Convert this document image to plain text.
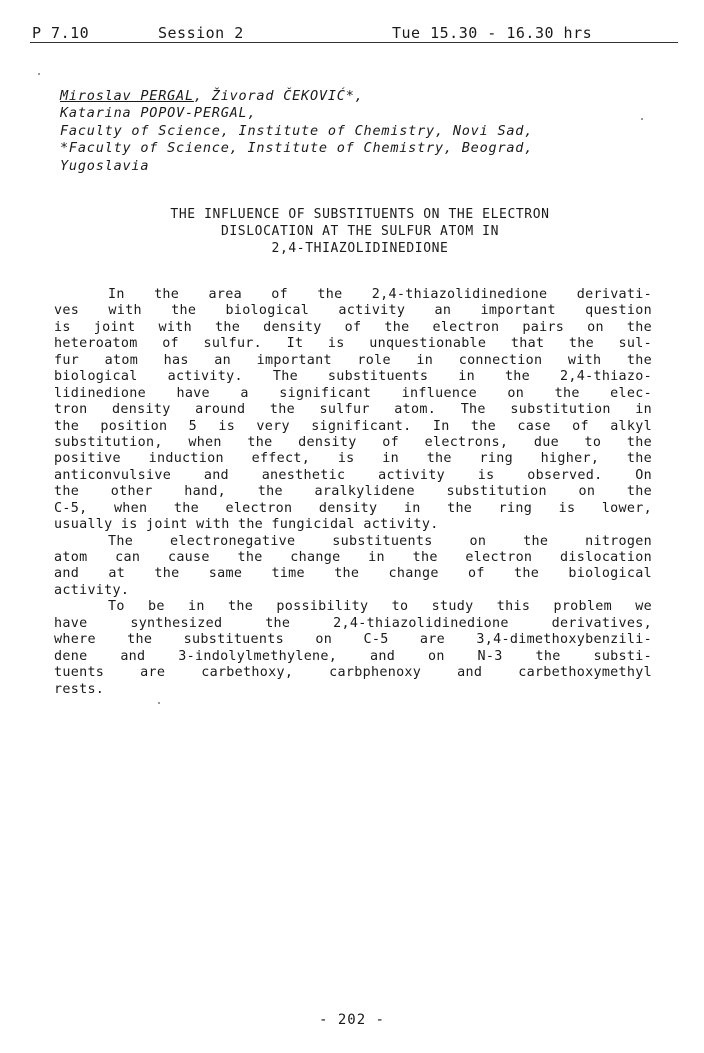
P 7.10	Session 2	Tue 15.30 - 16.30 hrs
Miroslav PERGAL, Živorad ČEKOVIĆ*,
Katarina POPOV-PERGAL,
Faculty of Science, Institute of Chemistry, Novi Sad,
*Faculty of Science, Institute of Chemistry, Beograd,
Yugoslavia
THE INFLUENCE OF SUBSTITUENTS ON THE ELECTRON
DISLOCATION AT THE SULFUR ATOM IN
2,4-THIAZOLIDINEDIONE
In the area of the 2,4-thiazolidinedione derivati-
ves with the biological activity an important question
is joint with the density of the electron pairs on the
heteroatom of sulfur. It is unquestionable that the sul-
fur atom has an important role in connection with the
biological activity. The substituents in the 2,4-thiazo-
lidinedione have a significant influence on the elec-
tron density around the sulfur atom. The substitution in
the position 5 is very significant. In the case of alkyl
substitution, when the density of electrons, due to the
positive induction effect, is in the ring higher, the
anticonvulsive and anesthetic activity is observed. On
the other hand, the aralkylidene substitution on the
C-5, when the electron density in the ring is lower,
usually is joint with the fungicidal activity.
The electronegative substituents on the nitrogen
atom can cause the change in the electron dislocation
and at the same time the change of the biological
activity.
To be in the possibility to study this problem we
have synthesized the 2,4-thiazolidinedione derivatives,
where the substituents on C-5 are 3,4-dimethoxybenzili-
dene and 3-indolylmethylene, and on N-3 the substi-
tuents are carbethoxy, carbphenoxy and carbethoxymethyl
rests.
- 202 -
